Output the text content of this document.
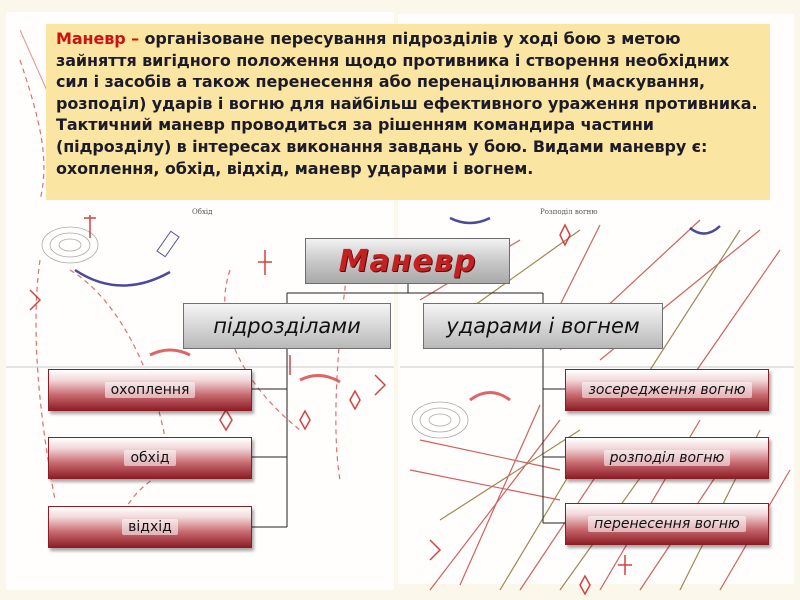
Обхід	Розподіл вогню
Маневр – організоване пересування підрозділів у ході бою з метою зайняття вигідного положення щодо противника і створення необхідних сил і засобів а також перенесення або перенацілювання (маскування, розподіл) ударів і вогню для найбільш ефективного ураження противника. Тактичний маневр проводиться за рішенням командира частини (підрозділу) в інтересах виконання завдань у бою. Видами маневру є: охоплення, обхід, відхід, маневр ударами і вогнем.
Маневр
підрозділами	ударами і вогнем
охоплення
обхід
відхід
зосередження вогню
розподіл вогню
перенесення вогню
